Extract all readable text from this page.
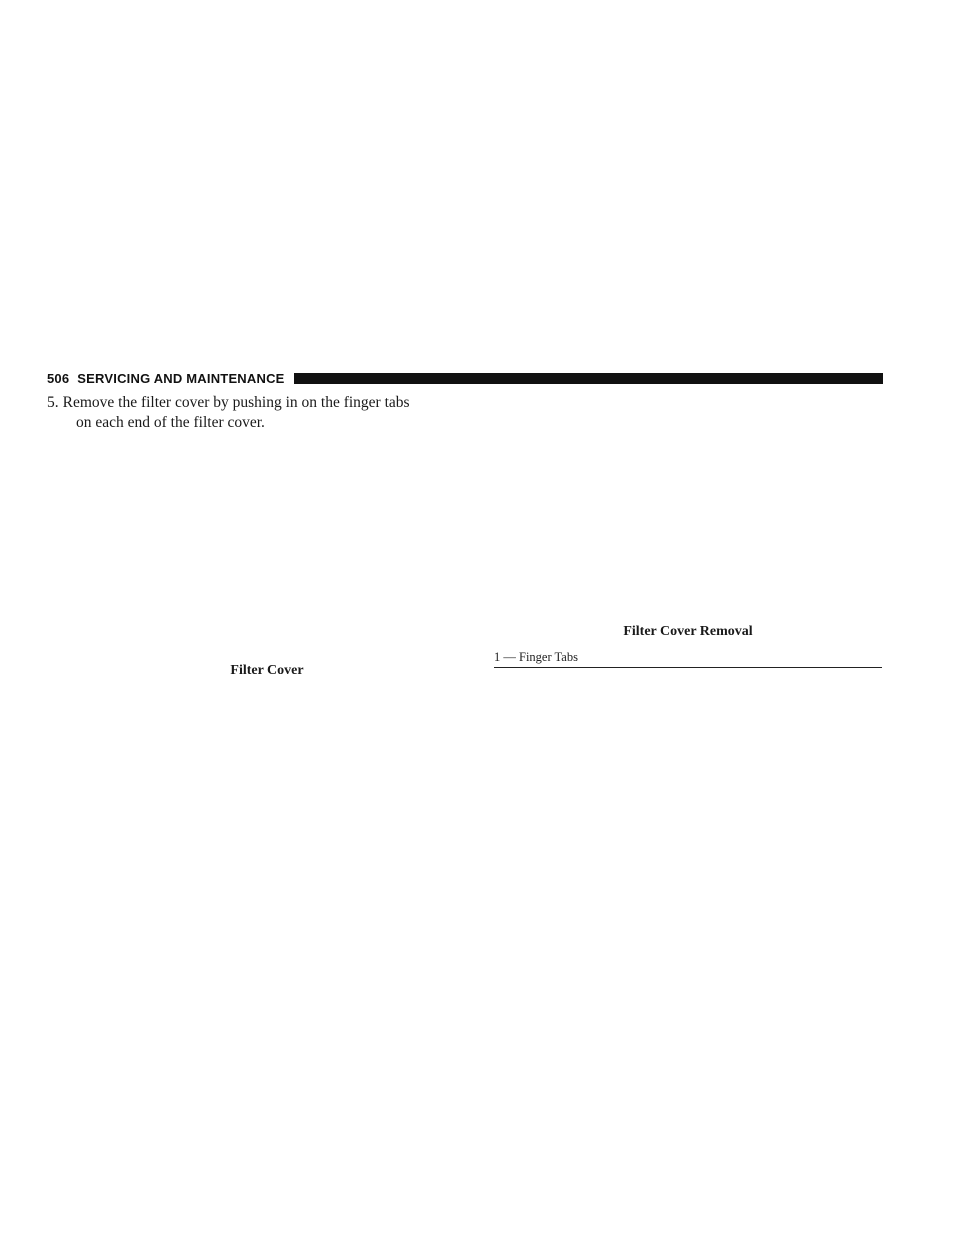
506 SERVICING AND MAINTENANCE
5. Remove the filter cover by pushing in on the finger tabs
on each end of the filter cover.
Filter Cover
Filter Cover Removal
1 — Finger Tabs
